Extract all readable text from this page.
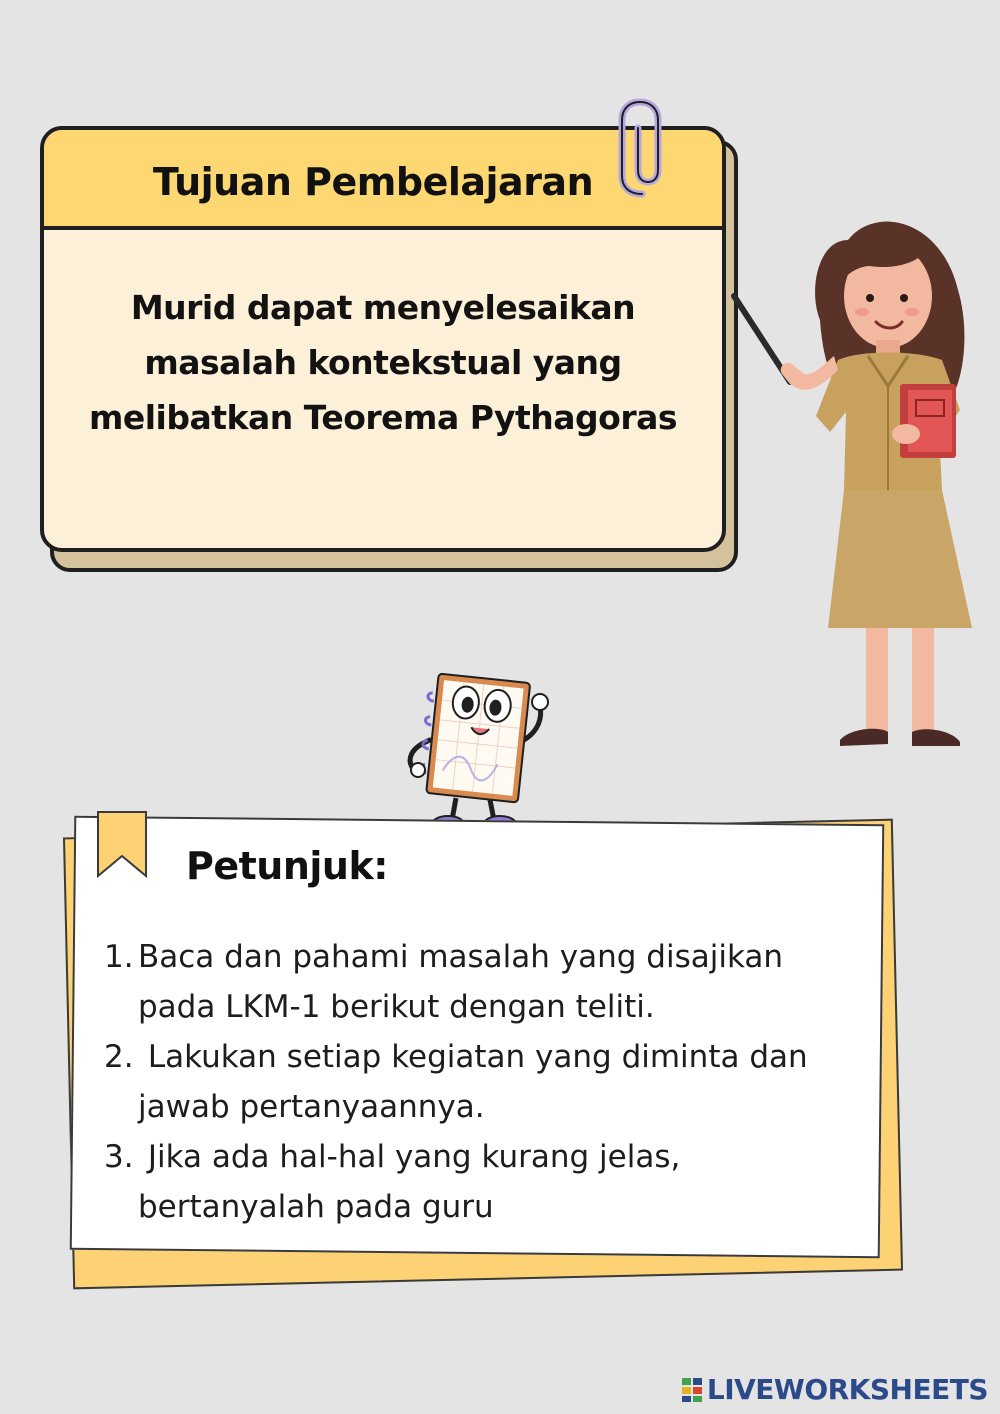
Tujuan Pembelajaran
Murid dapat menyelesaikan
masalah kontekstual yang
melibatkan Teorema Pythagoras
Petunjuk:
1. Baca dan pahami masalah yang disajikan
pada LKM-1 berikut dengan teliti.
2. Lakukan setiap kegiatan yang diminta dan
jawab pertanyaannya.
3. Jika ada hal-hal yang kurang jelas,
bertanyalah pada guru
LIVEWORKSHEETS
